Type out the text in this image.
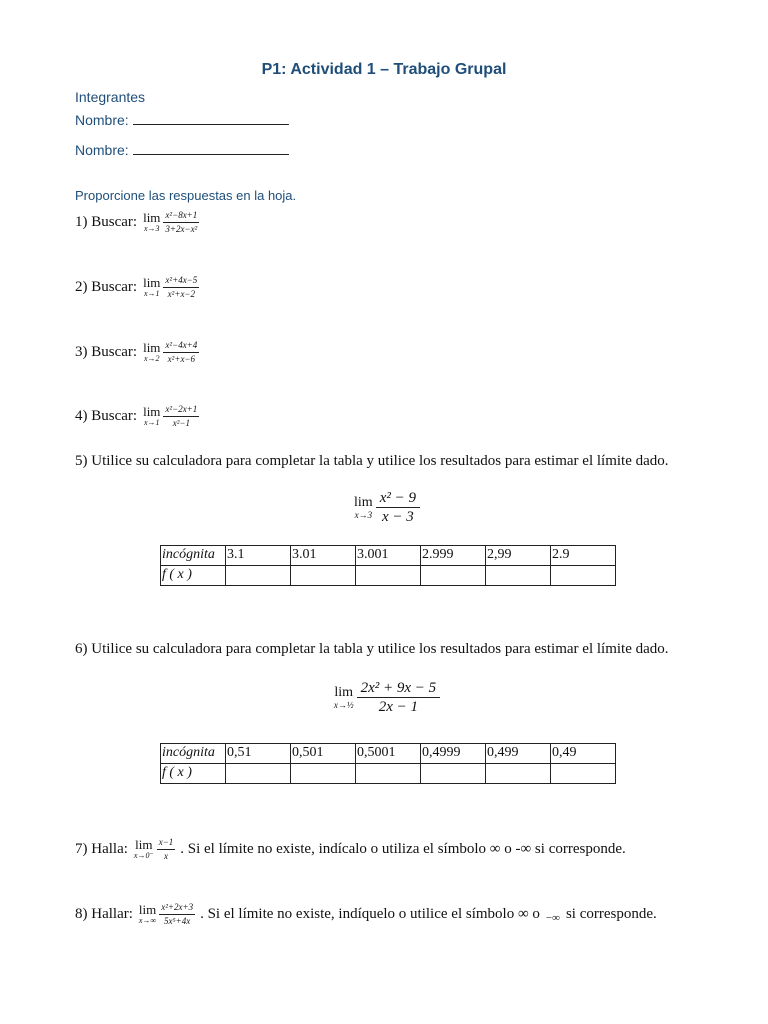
P1: Actividad 1 – Trabajo Grupal
Integrantes
Nombre:
Nombre:
Proporcione las respuestas en la hoja.
1) Buscar: lim
$x\to 3 \frac{\text{x²−8x+1}}{\text{3+2x−x²}}$
2) Buscar: lim
$x\to 1 \frac{\text{x²+4x−5}}{\text{x²+x−2}}$
3) Buscar: lim
$x\to 2 \frac{\text{x²−4x+4}}{\text{x²+x−6}}$
4) Buscar: lim
$x\to 1 \frac{\text{x²−2x+1}}{\text{x²−1}}$
5) Utilice su calculadora para completar la tabla y utilice los resultados para estimar el límite dado.
lim
$x\to 3 \frac{\text{x² − 9}}{x - 3}$
incógnita	3.1	3.01	3.001	2.999	2,99	2.9
f ( x )						
6) Utilice su calculadora para completar la tabla y utilice los resultados para estimar el límite dado.
lim
x→½ $\frac{\text{2x² + 9x − 5}}{2x - 1}$
incógnita	0,51	0,501	0,5001	0,4999	0,499	0,49
f ( x )						
7) Halla: lim
$x\to 0^- \frac{x-1}{x}$ . Si el límite no existe, indícalo o utiliza el símbolo ∞ o -∞ si corresponde.
8) Hallar: lim
$x\to\infty \frac{\text{x²+2x+3}}{\text{5x⁵+4x}}$ . Si el límite no existe, indíquelo o utilice el símbolo ∞ o −∞ si corresponde.
